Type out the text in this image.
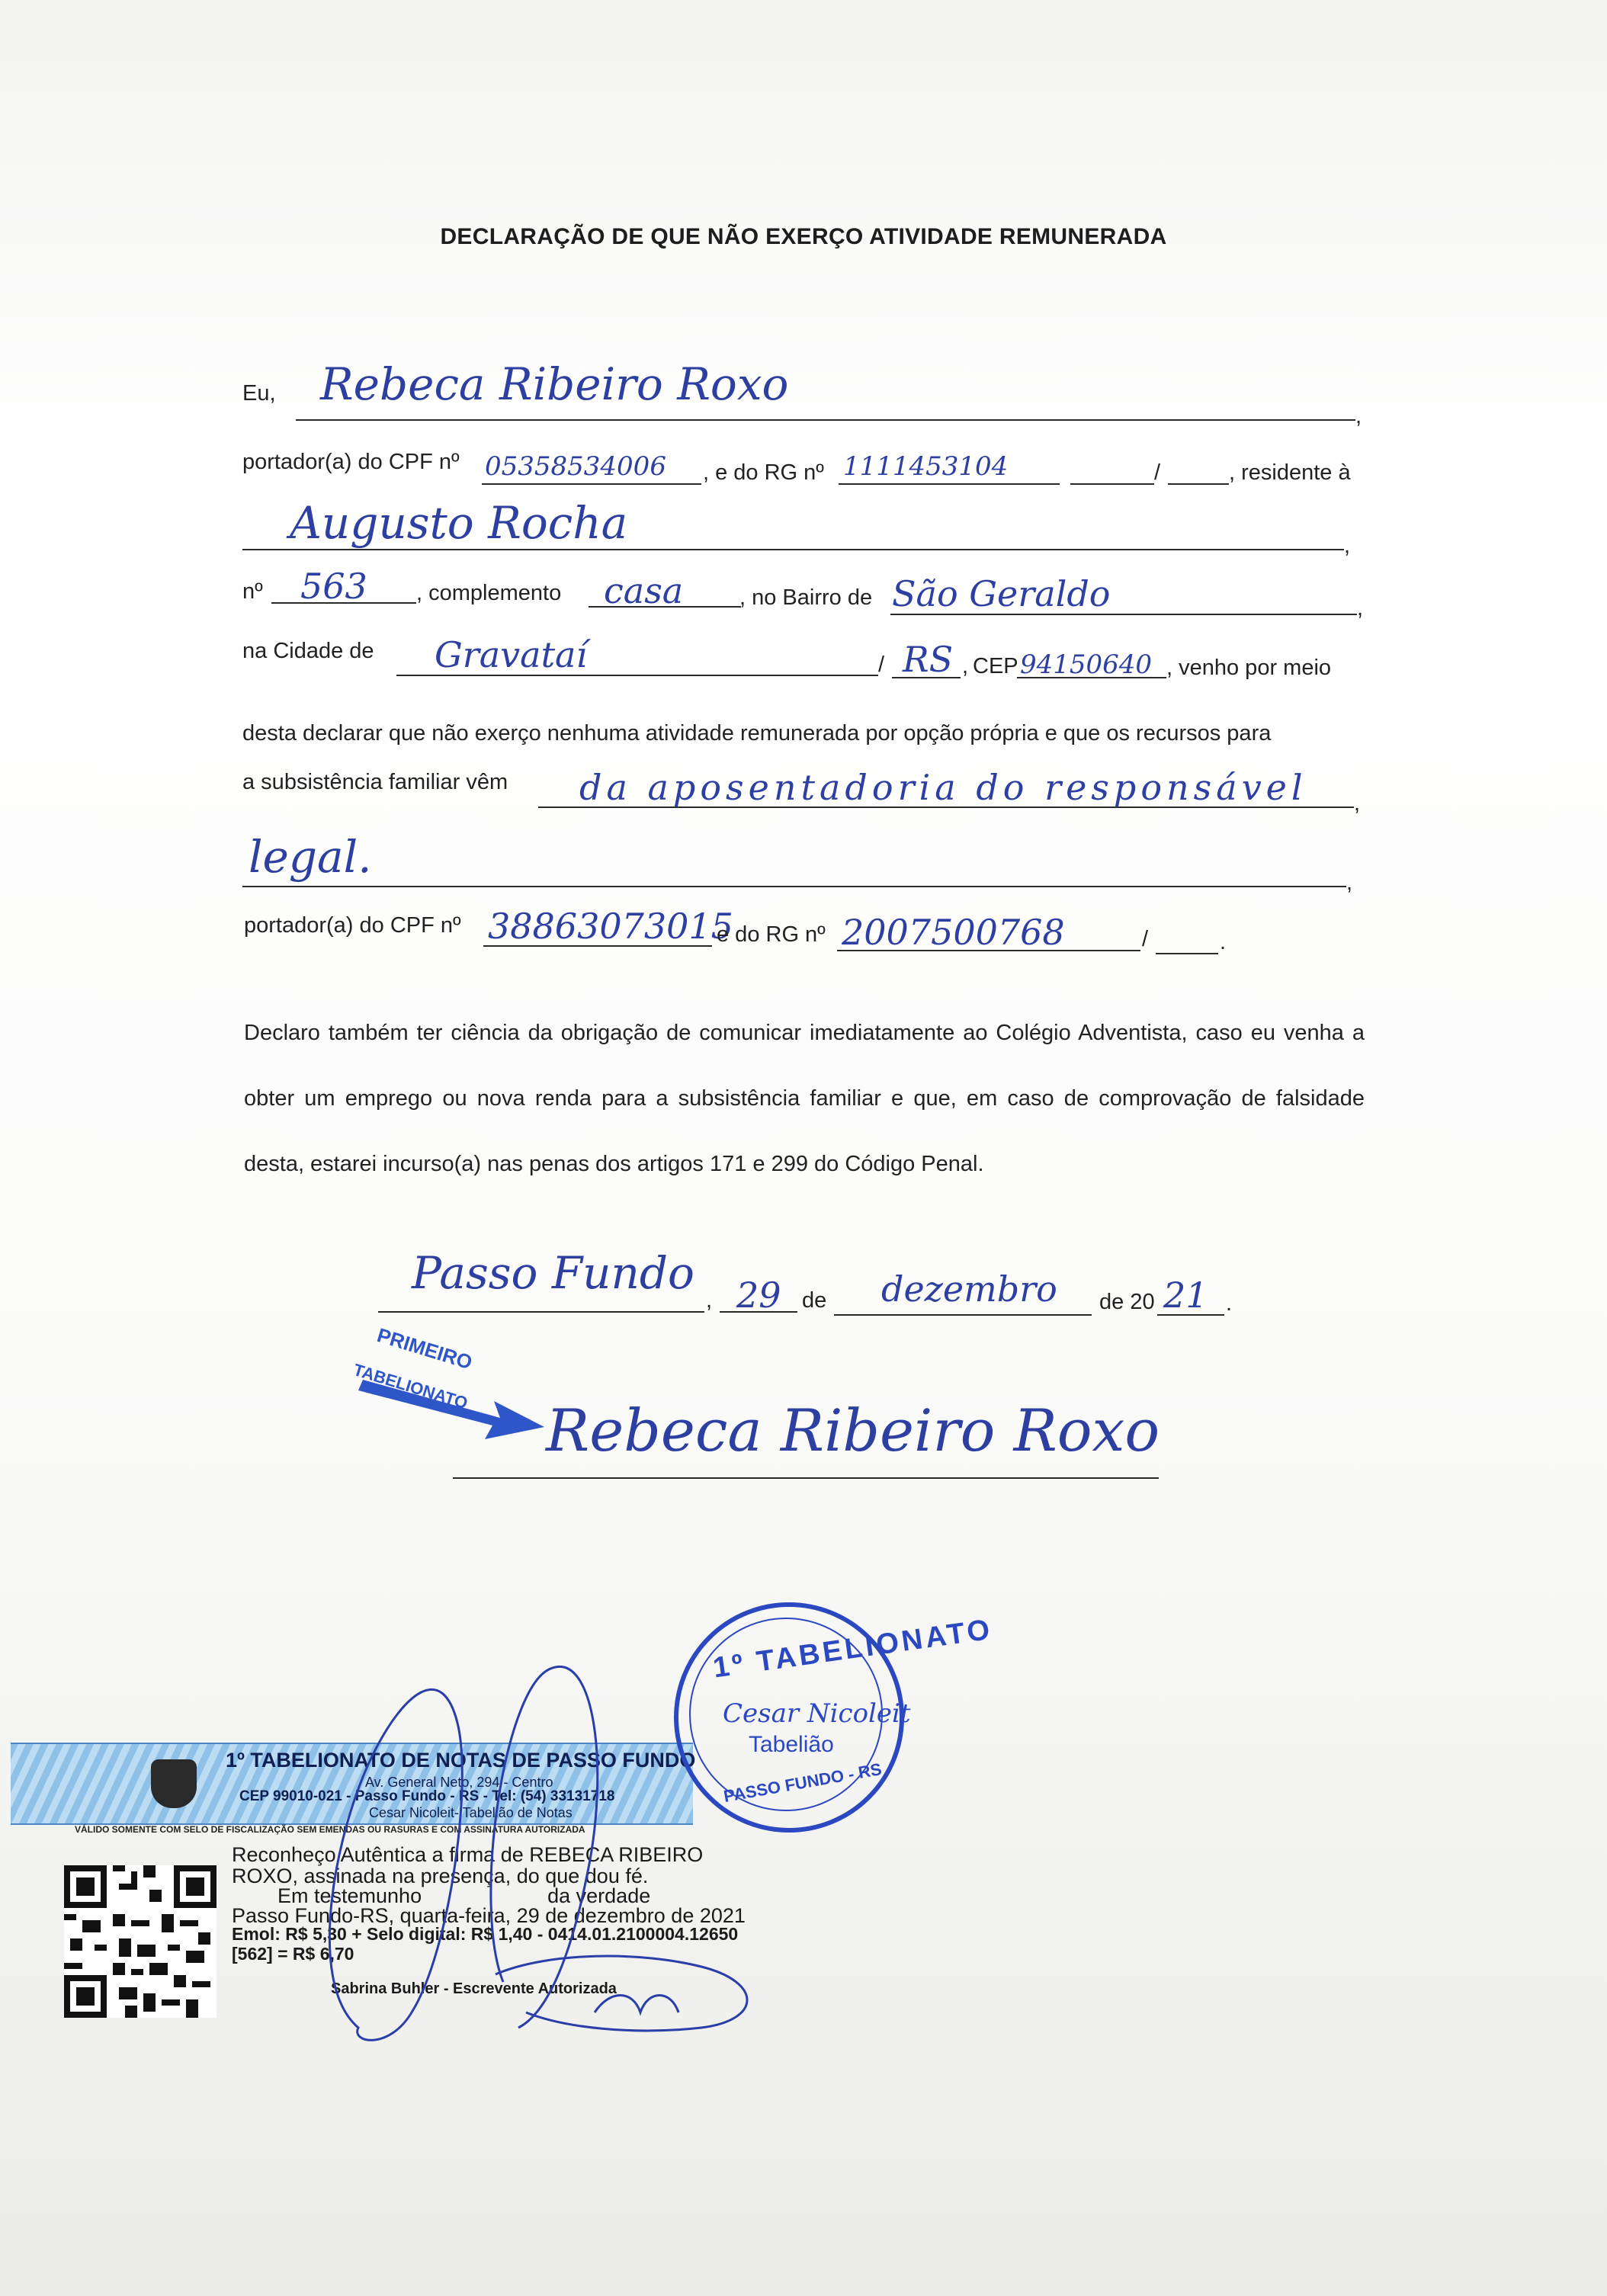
DECLARAÇÃO DE QUE NÃO EXERÇO ATIVIDADE REMUNERADA
Eu, Rebeca Ribeiro Roxo
,
portador(a) do CPF nº 05358534006 , e do RG nº 1111453104	/	, residente à
Augusto Rocha	,
nº 563 , complemento casa	, no Bairro de São Geraldo	,
na Cidade de Gravataí	/ RS , CEP 94150640 , venho por meio
desta declarar que não exerço nenhuma atividade remunerada por opção própria e que os recursos para
a subsistência familiar vêm da aposentadoria do responsável ,
legal.	,
portador(a) do CPF nº 38863073015
e do RG nº 2007500768	/	.
Declaro também ter ciência da obrigação de comunicar imediatamente ao Colégio Adventista, caso eu venha a obter um emprego ou nova renda para a subsistência familiar e que, em caso de comprovação de falsidade desta, estarei incurso(a) nas penas dos artigos 171 e 299 do Código Penal.
Passo Fundo
, 29 de dezembro de 20 21 .
PRIMEIRO
TABELIONATO
Rebeca Ribeiro Roxo
1º TABELIONATO DE NOTAS DE PASSO FUNDO
Av. General Neto, 294 - Centro
CEP 99010-021 - Passo Fundo - RS - Tel: (54) 33131718
Cesar Nicoleit- Tabelião de Notas
VÁLIDO SOMENTE COM SELO DE FISCALIZAÇÃO SEM EMENDAS OU RASURAS E COM ASSINATURA AUTORIZADA
1º TABELIONATO
Cesar Nicoleit
Tabelião
PASSO FUNDO - RS
Reconheço Autêntica a firma de REBECA RIBEIRO
ROXO, assinada na presença, do que dou fé.
Em testemunho                      da verdade
Passo Fundo-RS, quarta-feira, 29 de dezembro de 2021
Emol: R$ 5,30 + Selo digital: R$ 1,40 - 0414.01.2100004.12650
[562] = R$ 6,70
Sabrina Buhler - Escrevente Autorizada
